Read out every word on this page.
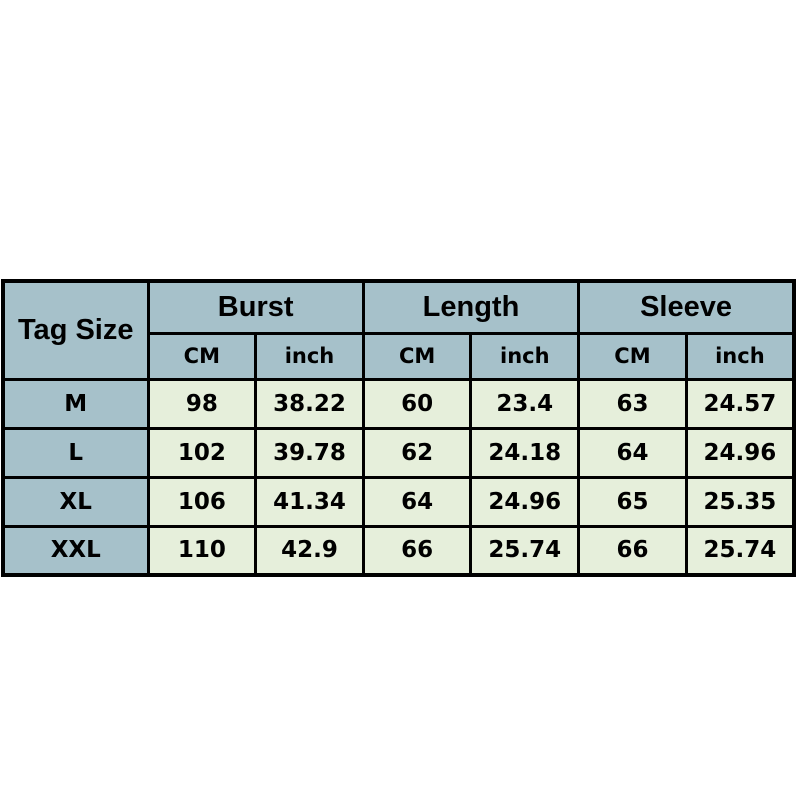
Tag Size	Burst		Length		Sleeve	
	CM	inch	CM	inch	CM	inch
M	98	38.22	60	23.4	63	24.57
L	102	39.78	62	24.18	64	24.96
XL	106	41.34	64	24.96	65	25.35
XXL	110	42.9	66	25.74	66	25.74
